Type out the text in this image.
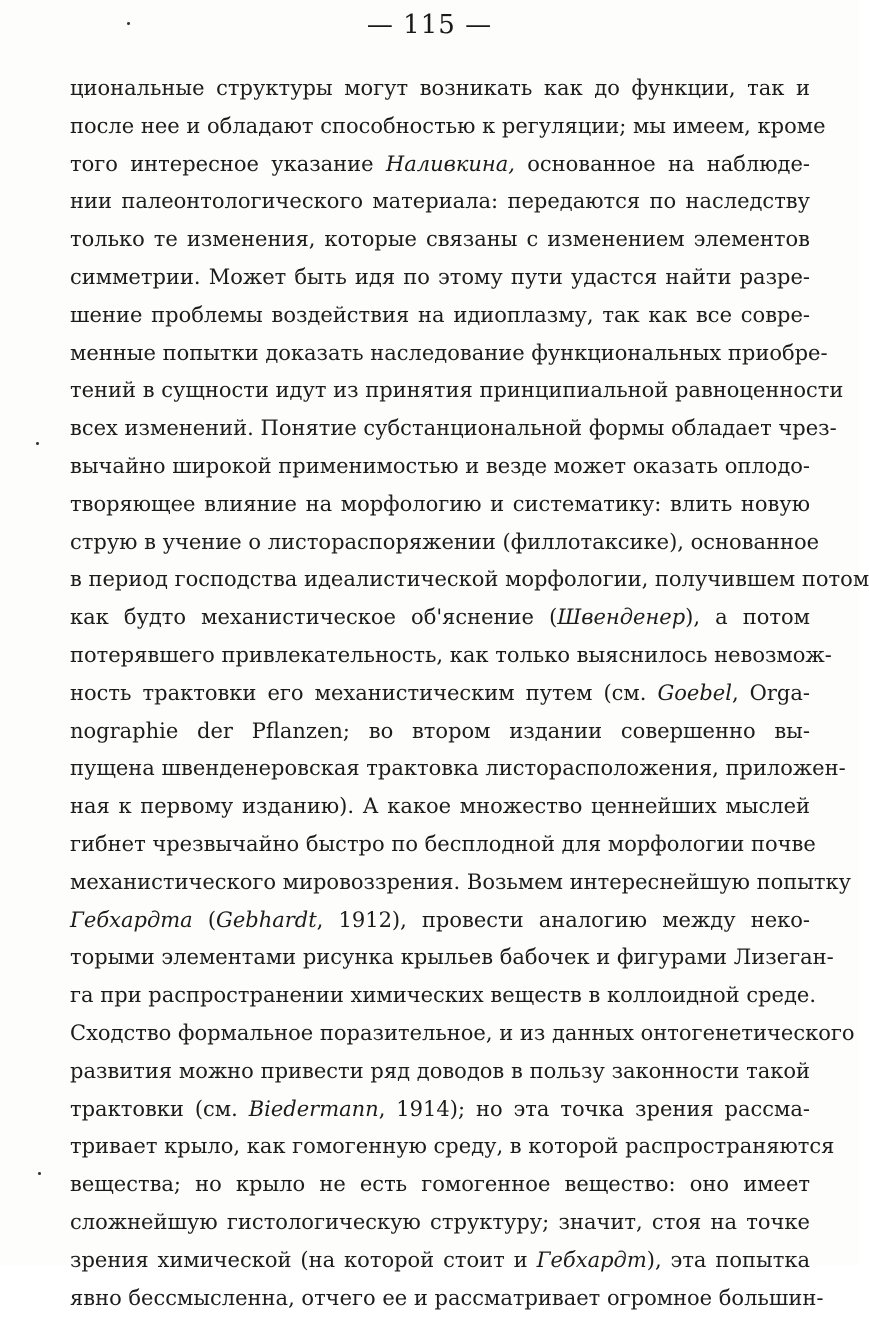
— 115 —
циональные структуры могут возникать как до функции, так и
после нее и обладают способностью к регуляции; мы имеем, кроме
того интересное указание Наливкина, основанное на наблюде-
нии палеонтологического материала: передаются по наследству
только те изменения, которые связаны с изменением элементов
симметрии. Может быть идя по этому пути удастся найти разре-
шение проблемы воздействия на идиоплазму, так как все совре-
менные попытки доказать наследование функциональных приобре-
тений в сущности идут из принятия принципиальной равноценности
всех изменений. Понятие субстанциональной формы обладает чрез-
вычайно широкой применимостью и везде может оказать оплодо-
творяющее влияние на морфологию и систематику: влить новую
струю в учение о листораспоряжении (филлотаксике), основанное
в период господства идеалистической морфологии, получившем потом
как будто механистическое об'яснение (Швенденер), а потом
потерявшего привлекательность, как только выяснилось невозмож-
ность трактовки его механистическим путем (см. Goebel, Orga-
nographie der Pflanzen; во втором издании совершенно вы-
пущена швенденеровская трактовка листорасположения, приложен-
ная к первому изданию). А какое множество ценнейших мыслей
гибнет чрезвычайно быстро по бесплодной для морфологии почве
механистического мировоззрения. Возьмем интереснейшую попытку
Гебхардта (Gebhardt, 1912), провести аналогию между неко-
торыми элементами рисунка крыльев бабочек и фигурами Лизеган-
га при распространении химических веществ в коллоидной среде.
Сходство формальное поразительное, и из данных онтогенетического
развития можно привести ряд доводов в пользу законности такой
трактовки (см. Biedermann, 1914); но эта точка зрения рассма-
тривает крыло, как гомогенную среду, в которой распространяются
вещества; но крыло не есть гомогенное вещество: оно имеет
сложнейшую гистологическую структуру; значит, стоя на точке
зрения химической (на которой стоит и Гебхардт), эта попытка
явно бессмысленна, отчего ее и рассматривает огромное большин-
